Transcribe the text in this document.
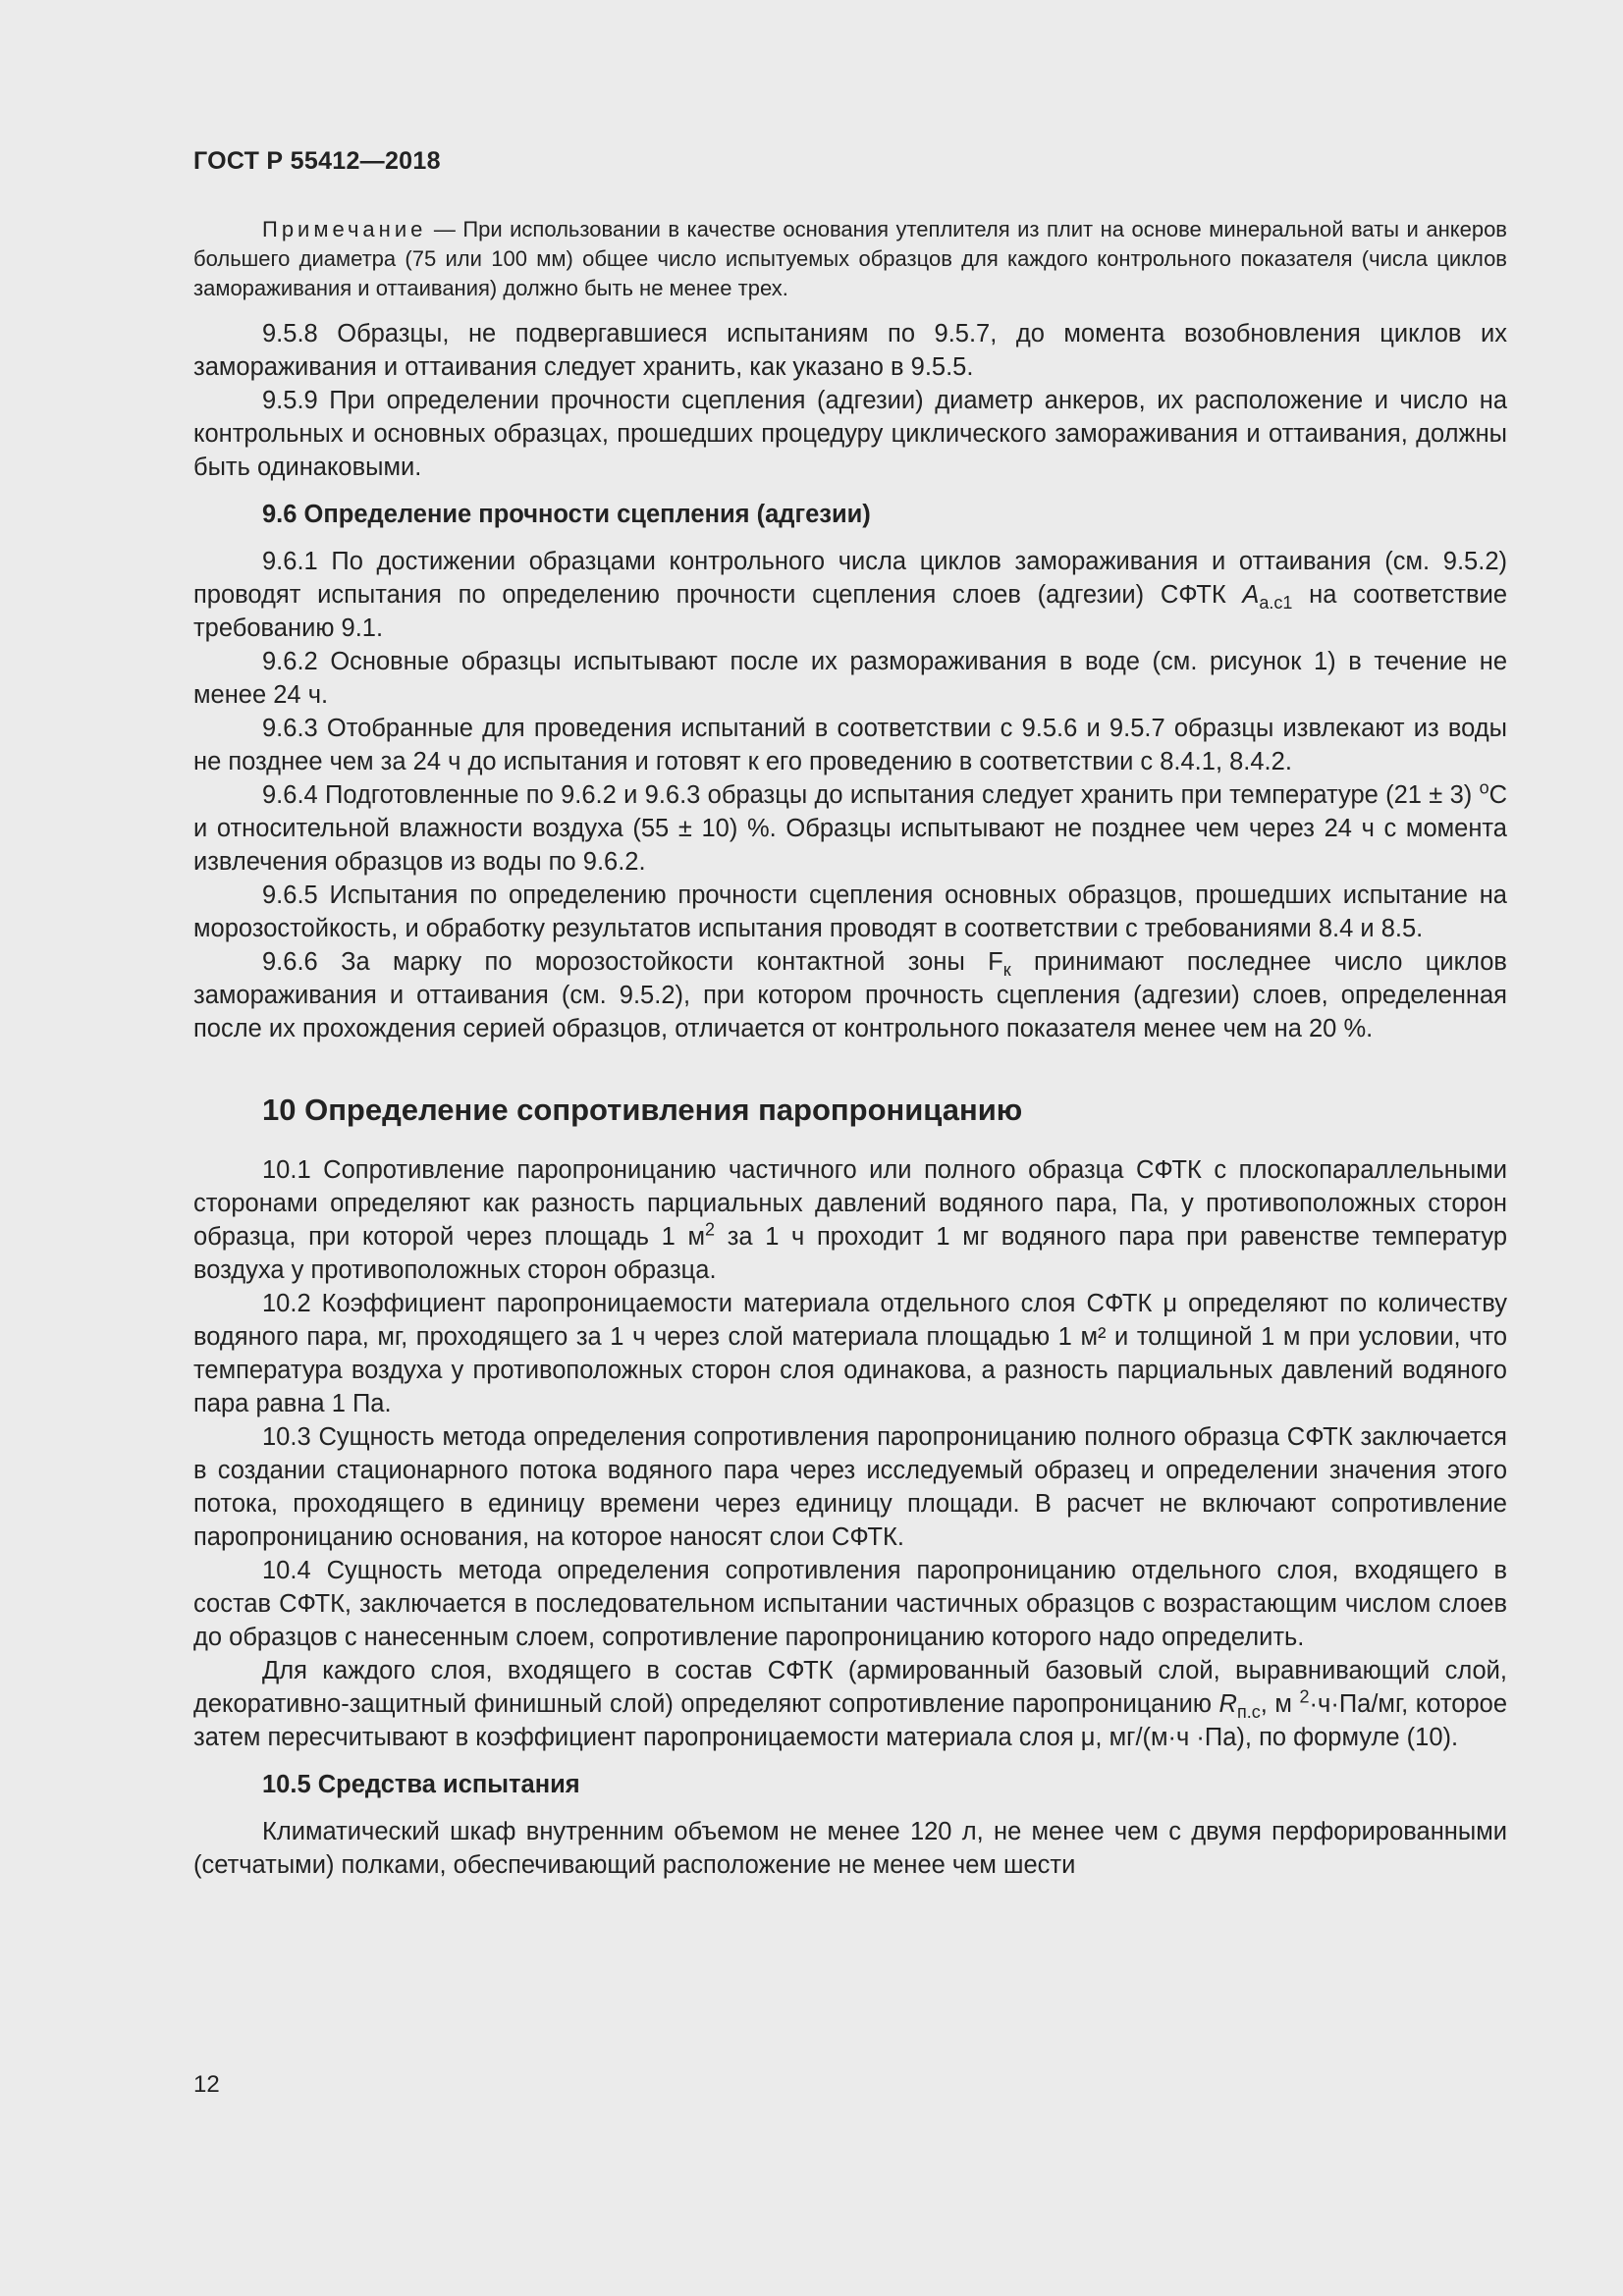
ГОСТ Р 55412—2018

Примечание — При использовании в качестве основания утеплителя из плит на основе минеральной ваты и анкеров большего диаметра (75 или 100 мм) общее число испытуемых образцов для каждого контрольного показателя (числа циклов замораживания и оттаивания) должно быть не менее трех.

9.5.8 Образцы, не подвергавшиеся испытаниям по 9.5.7, до момента возобновления циклов их замораживания и оттаивания следует хранить, как указано в 9.5.5.

9.5.9 При определении прочности сцепления (адгезии) диаметр анкеров, их расположение и число на контрольных и основных образцах, прошедших процедуру циклического замораживания и оттаивания, должны быть одинаковыми.

9.6 Определение прочности сцепления (адгезии)

9.6.1 По достижении образцами контрольного числа циклов замораживания и оттаивания (см. 9.5.2) проводят испытания по определению прочности сцепления слоев (адгезии) СФТК $A_{а.с1}$ на соответствие требованию 9.1.

9.6.2 Основные образцы испытывают после их размораживания в воде (см. рисунок 1) в течение не менее 24 ч.

9.6.3 Отобранные для проведения испытаний в соответствии с 9.5.6 и 9.5.7 образцы извлекают из воды не позднее чем за 24 ч до испытания и готовят к его проведению в соответствии с 8.4.1, 8.4.2.

9.6.4 Подготовленные по 9.6.2 и 9.6.3 образцы до испытания следует хранить при температуре (21 ± 3) $^o$С и относительной влажности воздуха (55 ± 10) %. Образцы испытывают не позднее чем через 24 ч с момента извлечения образцов из воды по 9.6.2.

9.6.5 Испытания по определению прочности сцепления основных образцов, прошедших испытание на морозостойкость, и обработку результатов испытания проводят в соответствии с требованиями 8.4 и 8.5.

9.6.6 За марку по морозостойкости контактной зоны $F_к$ принимают последнее число циклов замораживания и оттаивания (см. 9.5.2), при котором прочность сцепления (адгезии) слоев, определенная после их прохождения серией образцов, отличается от контрольного показателя менее чем на 20 %.

10 Определение сопротивления паропроницанию

10.1 Сопротивление паропроницанию частичного или полного образца СФТК с плоскопараллельными сторонами определяют как разность парциальных давлений водяного пара, Па, у противоположных сторон образца, при которой через площадь 1 $м^2$ за 1 ч проходит 1 мг водяного пара при равенстве температур воздуха у противоположных сторон образца.

10.2 Коэффициент паропроницаемости материала отдельного слоя СФТК μ определяют по количеству водяного пара, мг, проходящего за 1 ч через слой материала площадью 1 м² и толщиной 1 м при условии, что температура воздуха у противоположных сторон слоя одинакова, а разность парциальных давлений водяного пара равна 1 Па.

10.3 Сущность метода определения сопротивления паропроницанию полного образца СФТК заключается в создании стационарного потока водяного пара через исследуемый образец и определении значения этого потока, проходящего в единицу времени через единицу площади. В расчет не включают сопротивление паропроницанию основания, на которое наносят слои СФТК.

10.4 Сущность метода определения сопротивления паропроницанию отдельного слоя, входящего в состав СФТК, заключается в последовательном испытании частичных образцов с возрастающим числом слоев до образцов с нанесенным слоем, сопротивление паропроницанию которого надо определить.

Для каждого слоя, входящего в состав СФТК (армированный базовый слой, выравнивающий слой, декоративно-защитный финишный слой) определяют сопротивление паропроницанию $R_{п.с}$, м $^2$·ч·Па/мг, которое затем пересчитывают в коэффициент паропроницаемости материала слоя μ, мг/(м·ч ·Па), по формуле (10).

10.5 Средства испытания

Климатический шкаф внутренним объемом не менее 120 л, не менее чем с двумя перфорированными (сетчатыми) полками, обеспечивающий расположение не менее чем шести

12
